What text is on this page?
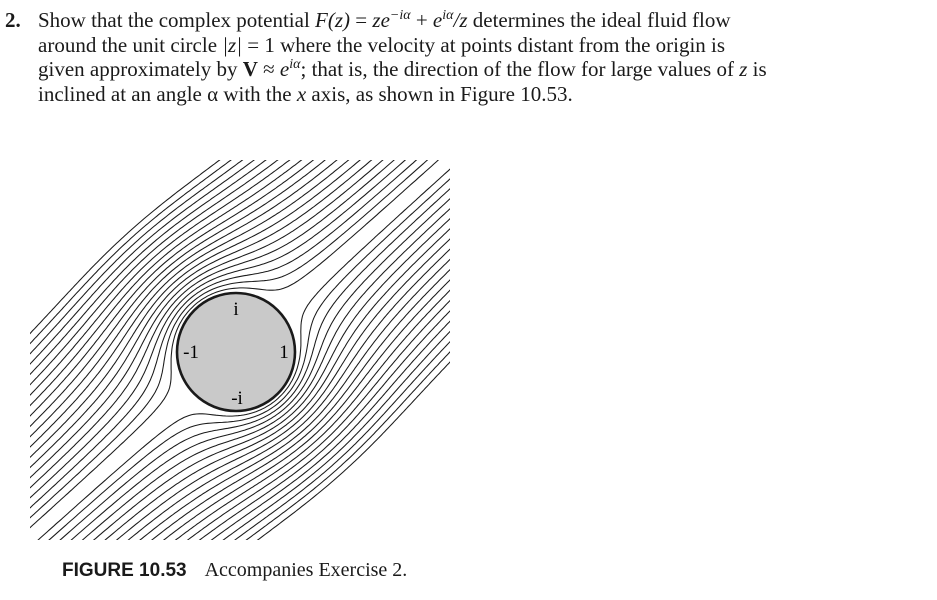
2. Show that the complex potential $F(z) = ze^{-i\alpha} + e^{i\alpha}/z$ determines the ideal fluid flow
around the unit circle |z| = 1 where the velocity at points distant from the origin is
given approximately by $V \approx e^{i\alpha}$; that is, the direction of the flow for large values of z is
inclined at an angle α with the x axis, as shown in Figure 10.53.
i
-1	1
-i
FIGURE 10.53 Accompanies Exercise 2.
